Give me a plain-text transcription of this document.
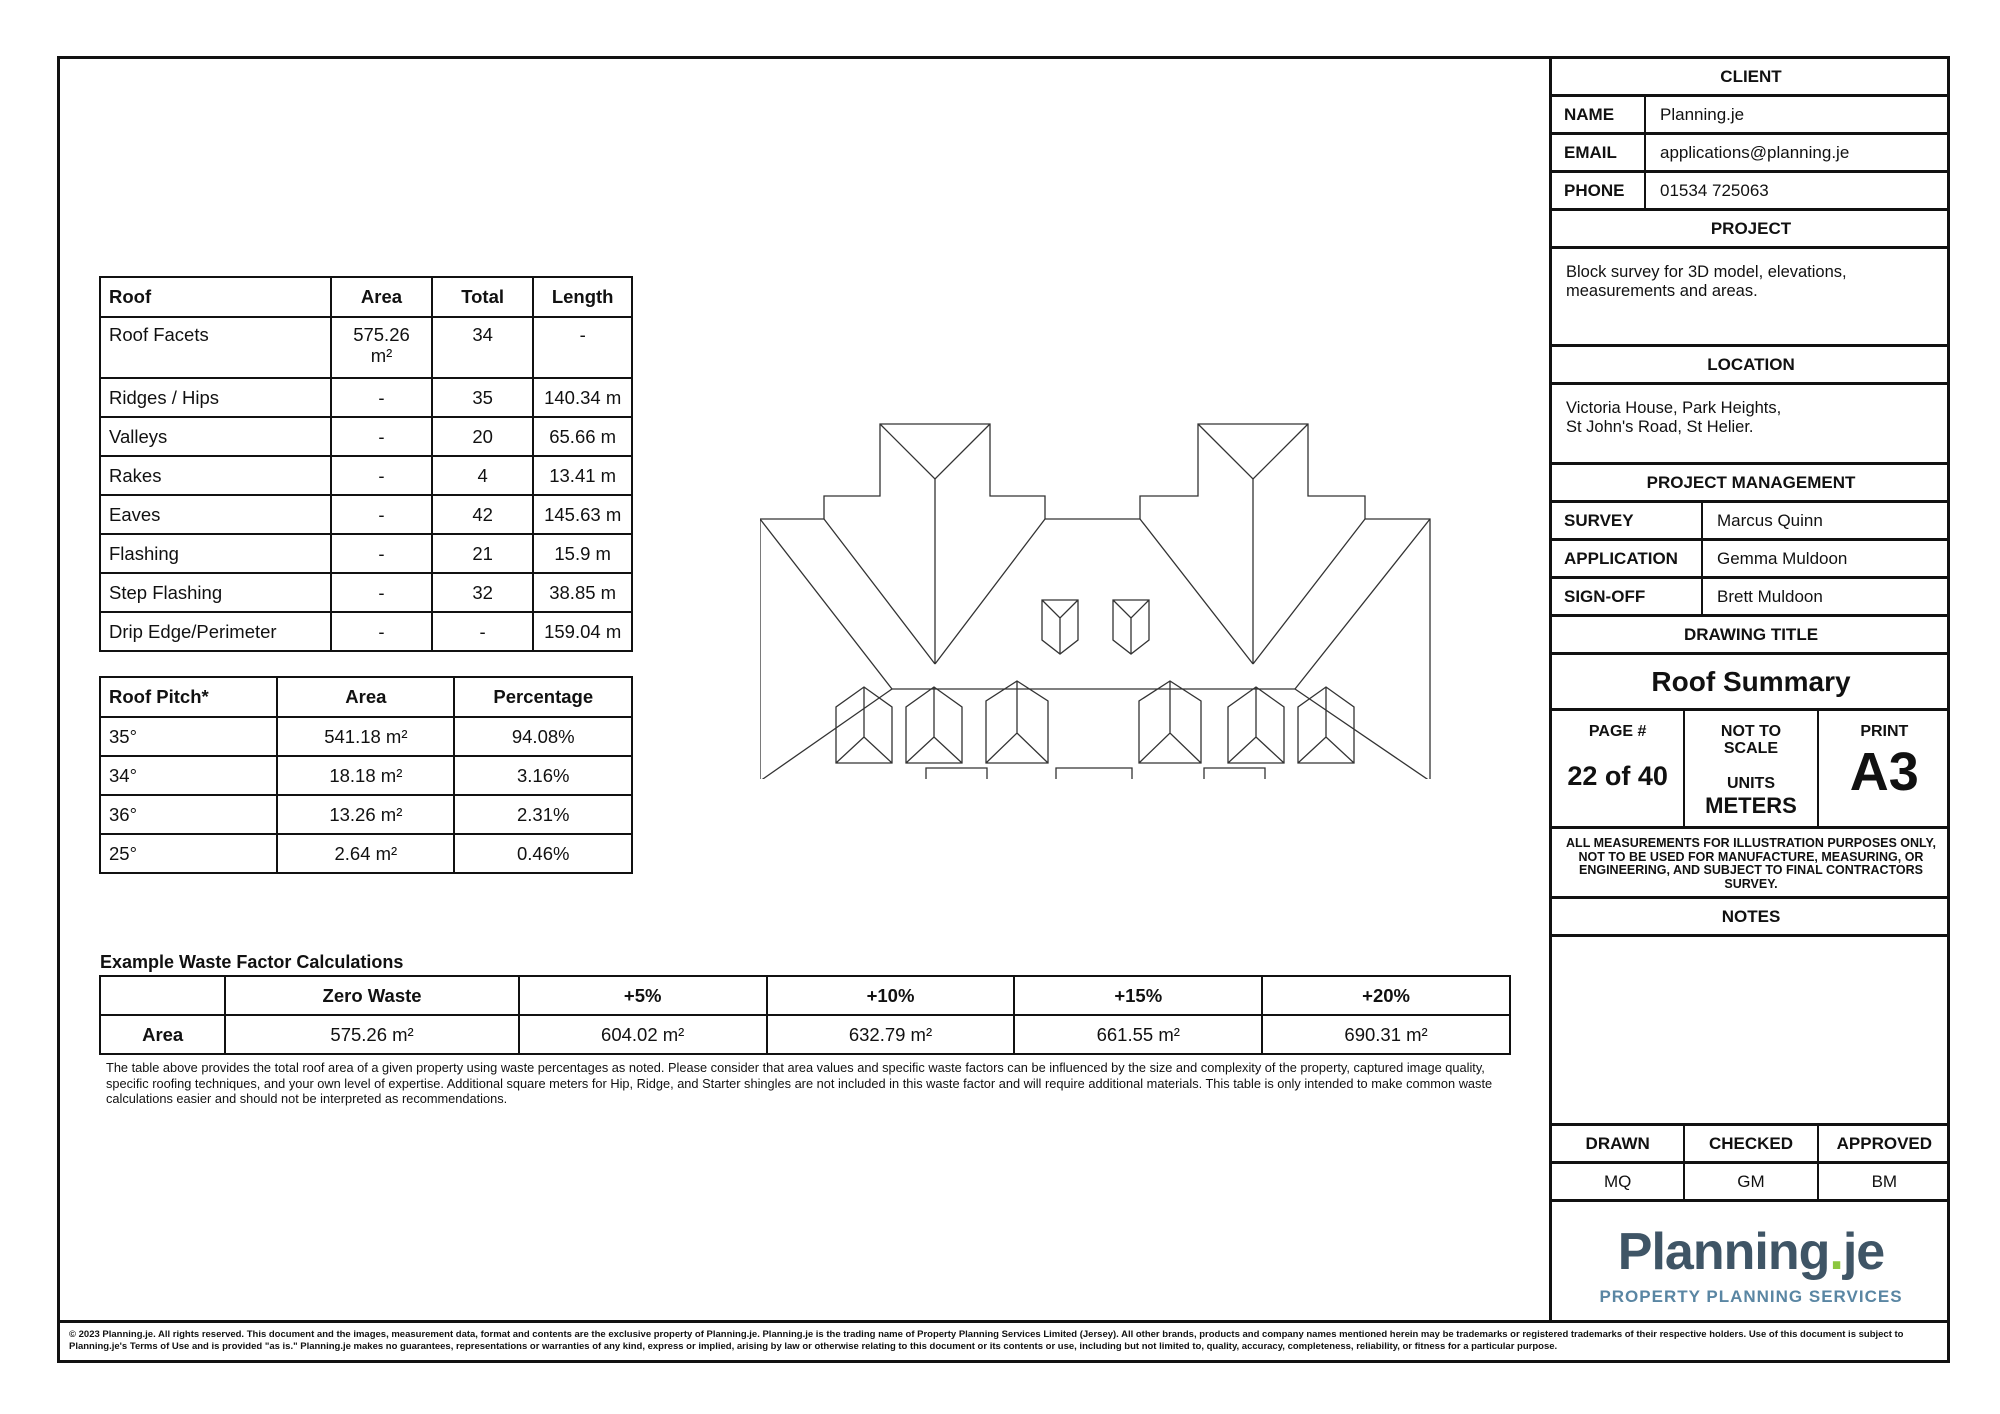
Roof	Area	Total	Length
Roof Facets	575.26 m²	34	-
Ridges / Hips	-	35	140.34 m
Valleys	-	20	65.66 m
Rakes	-	4	13.41 m
Eaves	-	42	145.63 m
Flashing	-	21	15.9 m
Step Flashing	-	32	38.85 m
Drip Edge/Perimeter	-	-	159.04 m
Roof Pitch*	Area	Percentage
35°	541.18 m²	94.08%
34°	18.18 m²	3.16%
36°	13.26 m²	2.31%
25°	2.64 m²	0.46%
Example Waste Factor Calculations
	Zero Waste	+5%	+10%	+15%	+20%
Area	575.26 m²	604.02 m²	632.79 m²	661.55 m²	690.31 m²
The table above provides the total roof area of a given property using waste percentages as noted. Please consider that area values and specific waste factors can be influenced by the size and complexity of the property, captured image quality, specific roofing techniques, and your own level of expertise. Additional square meters for Hip, Ridge, and Starter shingles are not included in this waste factor and will require additional materials. This table is only intended to make common waste calculations easier and should not be interpreted as recommendations.
CLIENT
NAME	Planning.je
EMAIL	applications@planning.je
PHONE	01534 725063
PROJECT
Block survey for 3D model, elevations, measurements and areas.
LOCATION
Victoria House, Park Heights,
St John's Road, St Helier.
PROJECT MANAGEMENT
SURVEY	Marcus Quinn
APPLICATION	Gemma Muldoon
SIGN-OFF	Brett Muldoon
DRAWING TITLE
Roof Summary
PAGE #
22 of 40
NOT TO
SCALE
UNITS
METERS
PRINT
A3
ALL MEASUREMENTS FOR ILLUSTRATION PURPOSES ONLY, NOT TO BE USED FOR MANUFACTURE, MEASURING, OR ENGINEERING, AND SUBJECT TO FINAL CONTRACTORS SURVEY.
NOTES
DRAWN	CHECKED	APPROVED
MQ	GM	BM
Planning.je
PROPERTY PLANNING SERVICES
© 2023 Planning.je. All rights reserved. This document and the images, measurement data, format and contents are the exclusive property of Planning.je. Planning.je is the trading name of Property Planning Services Limited (Jersey). All other brands, products and company names mentioned herein may be trademarks or registered trademarks of their respective holders. Use of this document is subject to Planning.je's Terms of Use and is provided "as is." Planning.je makes no guarantees, representations or warranties of any kind, express or implied, arising by law or otherwise relating to this document or its contents or use, including but not limited to, quality, accuracy, completeness, reliability, or fitness for a particular purpose.
